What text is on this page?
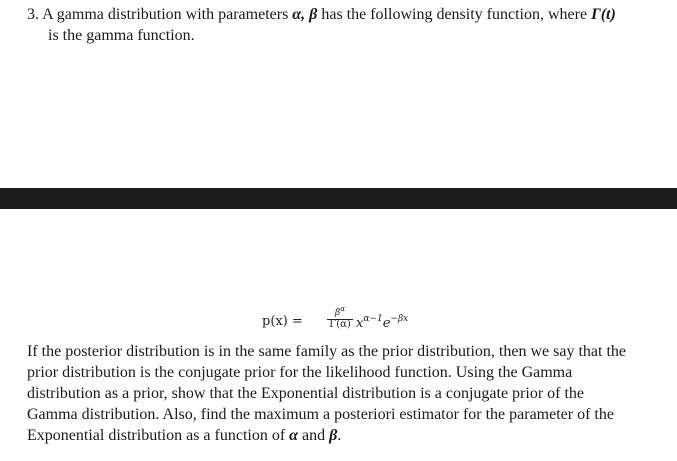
3. A gamma distribution with parameters α, β has the following density function, where Γ(t)
is the gamma function.
p(x) =
$\beta^\alpha$
Γ(α) $x^{\alpha-1}e^{-\beta x}$
If the posterior distribution is in the same family as the prior distribution, then we say that the
prior distribution is the conjugate prior for the likelihood function. Using the Gamma
distribution as a prior, show that the Exponential distribution is a conjugate prior of the
Gamma distribution. Also, find the maximum a posteriori estimator for the parameter of the
Exponential distribution as a function of α and β.
